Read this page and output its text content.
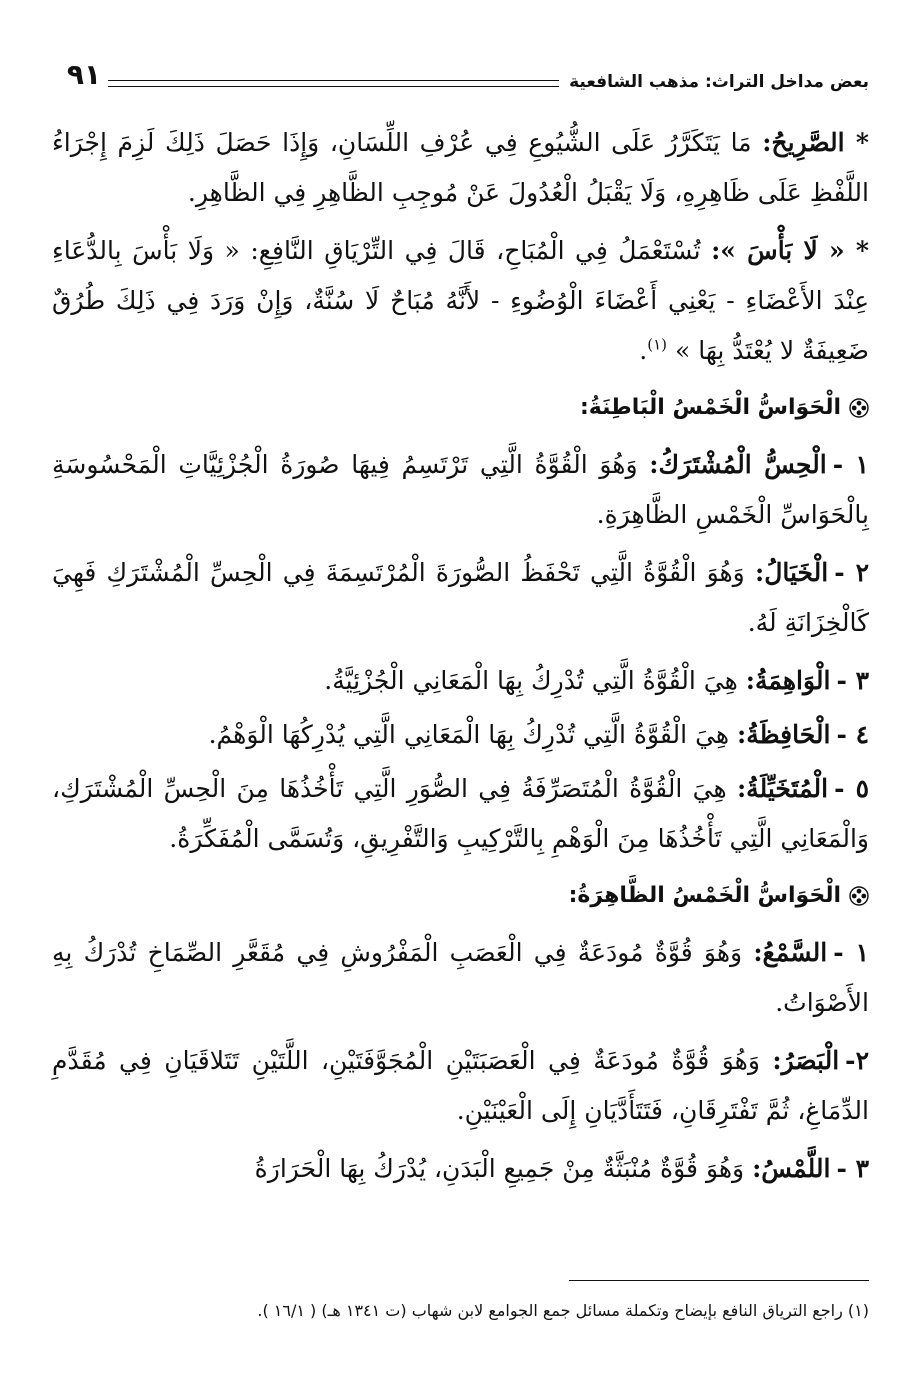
٩١	بعض مداخل التراث: مذهب الشافعية

* الصَّرِيحُ: مَا يَتَكَرَّرُ عَلَى الشُّيُوعِ فِي عُرْفِ اللِّسَانِ، وَإِذَا حَصَلَ ذَلِكَ لَزِمَ إِجْرَاءُ اللَّفْظِ عَلَى ظَاهِرِهِ، وَلَا يَقْبَلُ الْعُدُولَ عَنْ مُوجِبِ الظَّاهِرِ فِي الظَّاهِرِ.

* « لَا بَأْسَ »: تُسْتَعْمَلُ فِي الْمُبَاحِ، قَالَ فِي التِّرْيَاقِ النَّافِعِ: « وَلَا بَأْسَ بِالدُّعَاءِ عِنْدَ الأَعْضَاءِ - يَعْنِي أَعْضَاءَ الْوُضُوءِ - لأَنَّهُ مُبَاحٌ لَا سُنَّةٌ، وَإِنْ وَرَدَ فِي ذَلِكَ طُرُقٌ ضَعِيفَةٌ لا يُعْتَدُّ بِهَا » $^{(١)}$.

الْحَوَاسُّ الْخَمْسُ الْبَاطِنَةُ:

١ -الْحِسُّ الْمُشْتَرَكُ: وَهُوَ الْقُوَّةُ الَّتِي تَرْتَسِمُ فِيهَا صُورَةُ الْجُزْئِيَّاتِ الْمَحْسُوسَةِ بِالْحَوَاسِّ الْخَمْسِ الظَّاهِرَةِ.

٢ -الْخَيَالُ: وَهُوَ الْقُوَّةُ الَّتِي تَحْفَظُ الصُّورَةَ الْمُرْتَسِمَةَ فِي الْحِسِّ الْمُشْتَرَكِ فَهِيَ كَالْخِزَانَةِ لَهُ.

٣ -الْوَاهِمَةُ: هِيَ الْقُوَّةُ الَّتِي تُدْرِكُ بِهَا الْمَعَانِي الْجُزْئِيَّةُ.

٤ -الْحَافِظَةُ: هِيَ الْقُوَّةُ الَّتِي تُدْرِكُ بِهَا الْمَعَانِي الَّتِي يُدْرِكُهَا الْوَهْمُ.

٥ -الْمُتَخَيِّلَةُ: هِيَ الْقُوَّةُ الْمُتَصَرِّفَةُ فِي الصُّوَرِ الَّتِي تَأْخُذُهَا مِنَ الْحِسِّ الْمُشْتَرَكِ، وَالْمَعَانِي الَّتِي تَأْخُذُهَا مِنَ الْوَهْمِ بِالتَّرْكِيبِ وَالتَّفْرِيقِ، وَتُسَمَّى الْمُفَكِّرَةُ.

الْحَوَاسُّ الْخَمْسُ الظَّاهِرَةُ:

١ -السَّمْعُ: وَهُوَ قُوَّةٌ مُودَعَةٌ فِي الْعَصَبِ الْمَفْرُوشِ فِي مُقَعَّرِ الصِّمَاخِ تُدْرَكُ بِهِ الأَصْوَاتُ.

٢-الْبَصَرُ: وَهُوَ قُوَّةٌ مُودَعَةٌ فِي الْعَصَبَتَيْنِ الْمُجَوَّفَتَيْنِ، اللَّتَيْنِ تَتَلاقَيَانِ فِي مُقَدَّمِ الدِّمَاغِ، ثُمَّ تَفْتَرِقَانِ، فَتَتَأَدَّيَانِ إِلَى الْعَيْنَيْنِ.

٣ -اللَّمْسُ: وَهُوَ قُوَّةٌ مُنْبَثَّةٌ مِنْ جَمِيعِ الْبَدَنِ، يُدْرَكُ بِهَا الْحَرَارَةُ

(١) راجع الترياق النافع بإيضاح وتكملة مسائل جمع الجوامع لابن شهاب (ت ١٣٤١ هـ) ( ١٦/١ ).
